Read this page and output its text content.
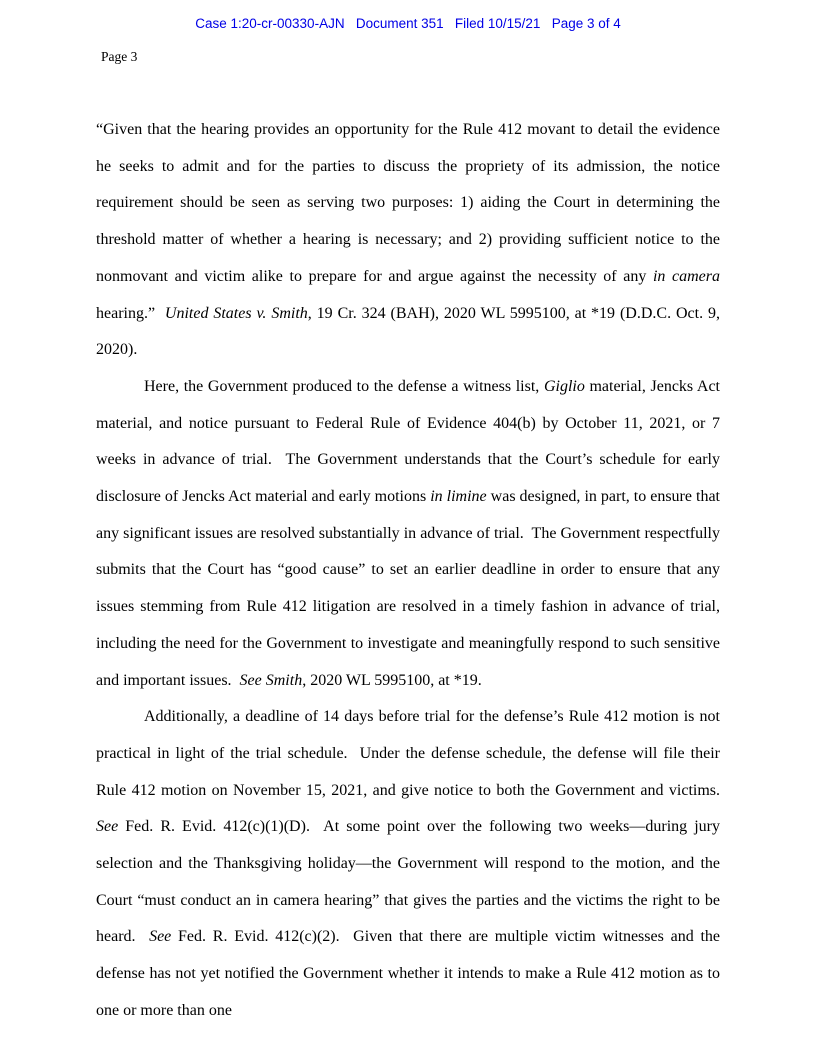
Case 1:20-cr-00330-AJN   Document 351   Filed 10/15/21   Page 3 of 4
Page 3

“Given that the hearing provides an opportunity for the Rule 412 movant to detail the evidence he seeks to admit and for the parties to discuss the propriety of its admission, the notice requirement should be seen as serving two purposes: 1) aiding the Court in determining the threshold matter of whether a hearing is necessary; and 2) providing sufficient notice to the nonmovant and victim alike to prepare for and argue against the necessity of any in camera hearing.”  United States v. Smith, 19 Cr. 324 (BAH), 2020 WL 5995100, at *19 (D.D.C. Oct. 9, 2020).

Here, the Government produced to the defense a witness list, Giglio material, Jencks Act material, and notice pursuant to Federal Rule of Evidence 404(b) by October 11, 2021, or 7 weeks in advance of trial.  The Government understands that the Court’s schedule for early disclosure of Jencks Act material and early motions in limine was designed, in part, to ensure that any significant issues are resolved substantially in advance of trial.  The Government respectfully submits that the Court has “good cause” to set an earlier deadline in order to ensure that any issues stemming from Rule 412 litigation are resolved in a timely fashion in advance of trial, including the need for the Government to investigate and meaningfully respond to such sensitive and important issues.  See Smith, 2020 WL 5995100, at *19.

Additionally, a deadline of 14 days before trial for the defense’s Rule 412 motion is not practical in light of the trial schedule.  Under the defense schedule, the defense will file their Rule 412 motion on November 15, 2021, and give notice to both the Government and victims.  See Fed. R. Evid. 412(c)(1)(D).  At some point over the following two weeks—during jury selection and the Thanksgiving holiday—the Government will respond to the motion, and the Court “must conduct an in camera hearing” that gives the parties and the victims the right to be heard.  See Fed. R. Evid. 412(c)(2).  Given that there are multiple victim witnesses and the defense has not yet notified the Government whether it intends to make a Rule 412 motion as to one or more than one
